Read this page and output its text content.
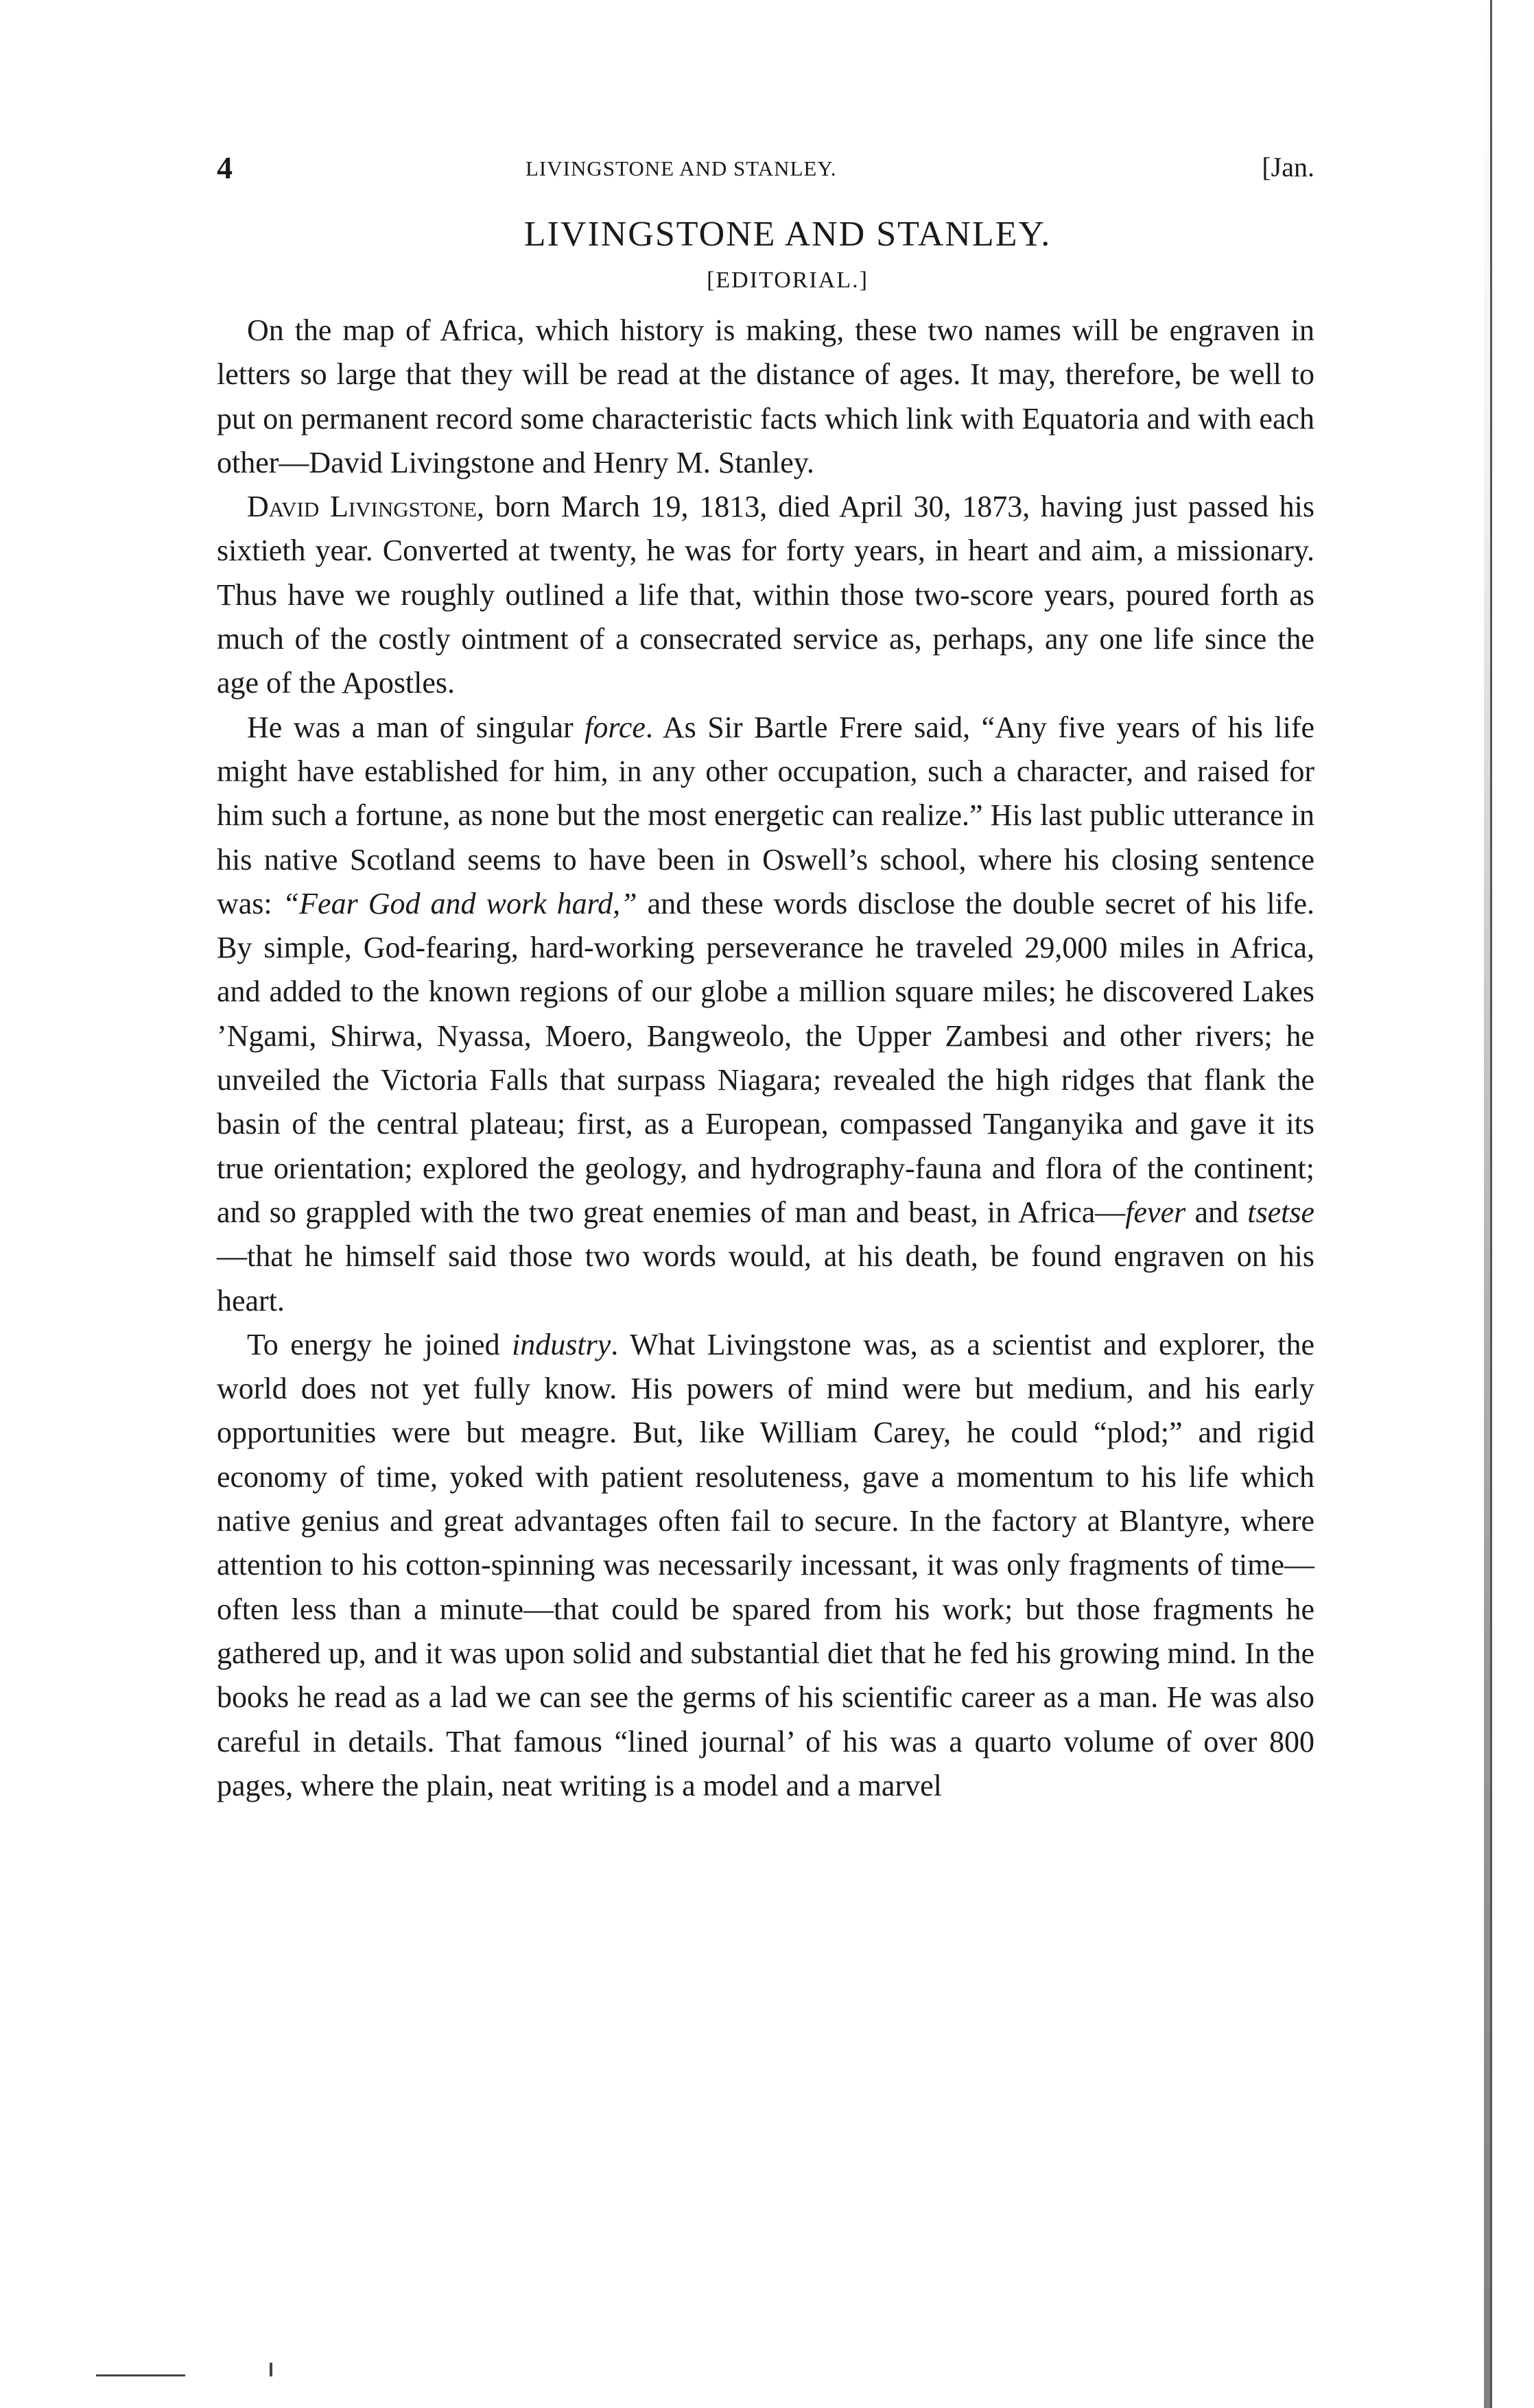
4	LIVINGSTONE AND STANLEY.	[Jan.
LIVINGSTONE AND STANLEY.
[EDITORIAL.]

On the map of Africa, which history is making, these two names will be engraven in letters so large that they will be read at the distance of ages. It may, therefore, be well to put on permanent record some characteristic facts which link with Equatoria and with each other—David Livingstone and Henry M. Stanley.

David Livingstone, born March 19, 1813, died April 30, 1873, having just passed his sixtieth year. Converted at twenty, he was for forty years, in heart and aim, a missionary. Thus have we roughly outlined a life that, within those two-score years, poured forth as much of the costly ointment of a consecrated service as, perhaps, any one life since the age of the Apostles.

He was a man of singular force. As Sir Bartle Frere said, “Any five years of his life might have established for him, in any other occupation, such a character, and raised for him such a fortune, as none but the most energetic can realize.” His last public utterance in his native Scotland seems to have been in Oswell’s school, where his closing sentence was: “Fear God and work hard,” and these words disclose the double secret of his life. By simple, God-fearing, hard-working perseverance he traveled 29,000 miles in Africa, and added to the known regions of our globe a million square miles; he discovered Lakes ’Ngami, Shirwa, Nyassa, Moero, Bangweolo, the Upper Zambesi and other rivers; he unveiled the Victoria Falls that surpass Niagara; revealed the high ridges that flank the basin of the central plateau; first, as a European, compassed Tanganyika and gave it its true orientation; explored the geology, and hydrography-fauna and flora of the continent; and so grappled with the two great enemies of man and beast, in Africa—fever and tsetse—that he himself said those two words would, at his death, be found engraven on his heart.

To energy he joined industry. What Livingstone was, as a scientist and explorer, the world does not yet fully know. His powers of mind were but medium, and his early opportunities were but meagre. But, like William Carey, he could “plod;” and rigid economy of time, yoked with patient resoluteness, gave a momentum to his life which native genius and great advantages often fail to secure. In the factory at Blantyre, where attention to his cotton-spinning was necessarily incessant, it was only fragments of time—often less than a minute—that could be spared from his work; but those fragments he gathered up, and it was upon solid and substantial diet that he fed his growing mind. In the books he read as a lad we can see the germs of his scientific career as a man. He was also careful in details. That famous “lined journal’ of his was a quarto volume of over 800 pages, where the plain, neat writing is a model and a marvel
